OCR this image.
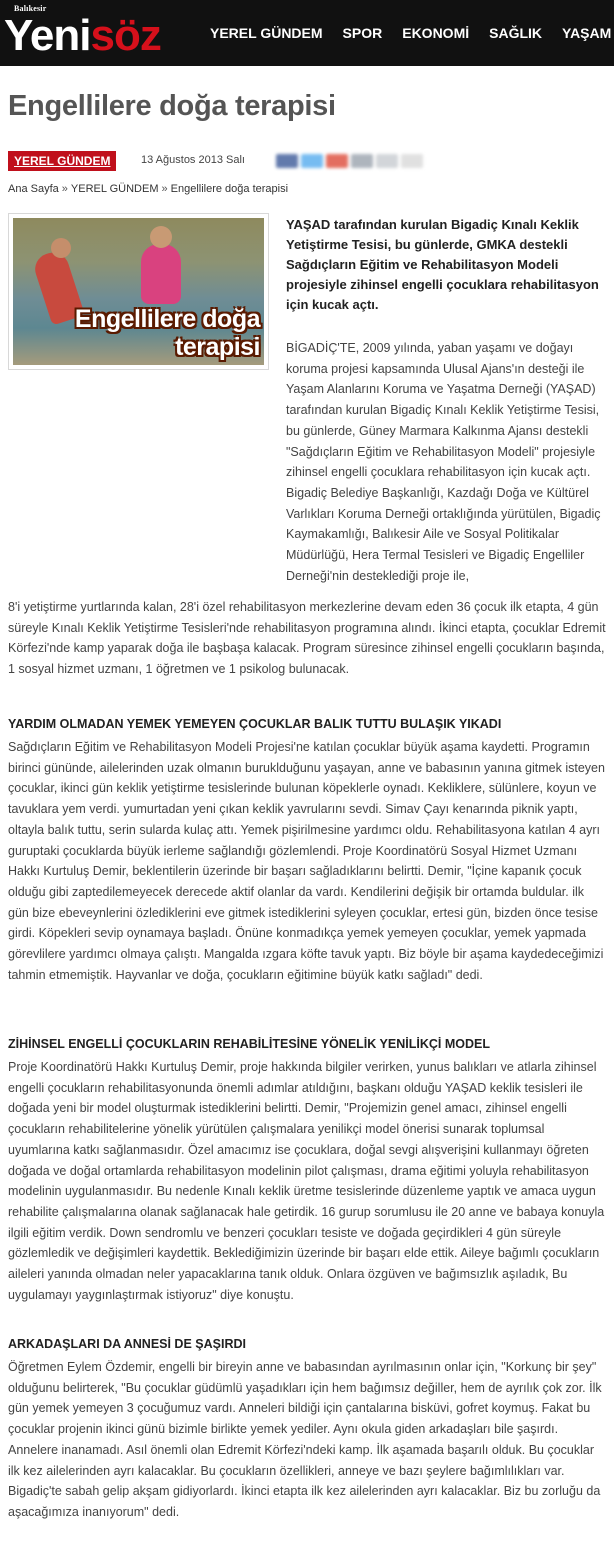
Balıkesir
Yenisöz	YEREL GÜNDEM SPOR EKONOMİ SAĞLIK YAŞAM
Engellilere doğa terapisi
YEREL GÜNDEM	13 Ağustos 2013 Salı
Ana Sayfa » YEREL GÜNDEM » Engellilere doğa terapisi
Engellilere doğa terapisi

YAŞAD tarafından kurulan Bigadiç Kınalı Keklik Yetiştirme Tesisi, bu günlerde, GMKA destekli Sağdıçların Eğitim ve Rehabilitasyon Modeli projesiyle zihinsel engelli çocuklara rehabilitasyon için kucak açtı.

BİGADİÇ'TE, 2009 yılında, yaban yaşamı ve doğayı koruma projesi kapsamında Ulusal Ajans'ın desteği ile Yaşam Alanlarını Koruma ve Yaşatma Derneği (YAŞAD) tarafından kurulan Bigadiç Kınalı Keklik Yetiştirme Tesisi, bu günlerde, Güney Marmara Kalkınma Ajansı destekli "Sağdıçların Eğitim ve Rehabilitasyon Modeli" projesiyle zihinsel engelli çocuklara rehabilitasyon için kucak açtı. Bigadiç Belediye Başkanlığı, Kazdağı Doğa ve Kültürel Varlıkları Koruma Derneği ortaklığında yürütülen, Bigadiç Kaymakamlığı, Balıkesir Aile ve Sosyal Politikalar Müdürlüğü, Hera Termal Tesisleri ve Bigadiç Engelliler Derneği'nin desteklediği proje ile,

8'i yetiştirme yurtlarında kalan, 28'i özel rehabilitasyon merkezlerine devam eden 36 çocuk ilk etapta, 4 gün süreyle Kınalı Keklik Yetiştirme Tesisleri'nde rehabilitasyon programına alındı. İkinci etapta, çocuklar Edremit Körfezi'nde kamp yaparak doğa ile başbaşa kalacak. Program süresince zihinsel engelli çocukların başında, 1 sosyal hizmet uzmanı, 1 öğretmen ve 1 psikolog bulunacak.

YARDIM OLMADAN YEMEK YEMEYEN ÇOCUKLAR BALIK TUTTU BULAŞIK YIKADI

Sağdıçların Eğitim ve Rehabilitasyon Modeli Projesi'ne katılan çocuklar büyük aşama kaydetti. Programın birinci gününde, ailelerinden uzak olmanın buruklduğunu yaşayan, anne ve babasının yanına gitmek isteyen çocuklar, ikinci gün keklik yetiştirme tesislerinde bulunan köpeklerle oynadı. Kekliklere, sülünlere, koyun ve tavuklara yem verdi. yumurtadan yeni çıkan keklik yavrularını sevdi. Simav Çayı kenarında piknik yaptı, oltayla balık tuttu, serin sularda kulaç attı. Yemek pişirilmesine yardımcı oldu. Rehabilitasyona katılan 4 ayrı guruptaki çocuklarda büyük ierleme sağlandığı gözlemlendi. Proje Koordinatörü Sosyal Hizmet Uzmanı Hakkı Kurtuluş Demir, beklentilerin üzerinde bir başarı sağladıklarını belirtti. Demir, "İçine kapanık çocuk olduğu gibi zaptedilemeyecek derecede aktif olanlar da vardı. Kendilerini değişik bir ortamda buldular. ilk gün bize ebeveynlerini özlediklerini eve gitmek istediklerini syleyen çocuklar, ertesi gün, bizden önce tesise girdi. Köpekleri sevip oynamaya başladı. Önüne konmadıkça yemek yemeyen çocuklar, yemek yapmada görevlilere yardımcı olmaya çalıştı. Mangalda ızgara köfte tavuk yaptı. Biz böyle bir aşama kaydedeceğimizi tahmin etmemiştik. Hayvanlar ve doğa, çocukların eğitimine büyük katkı sağladı" dedi.

ZİHİNSEL ENGELLİ ÇOCUKLARIN REHABİLİTESİNE YÖNELİK YENİLİKÇİ MODEL

Proje Koordinatörü Hakkı Kurtuluş Demir, proje hakkında bilgiler verirken, yunus balıkları ve atlarla zihinsel engelli çocukların rehabilitasyonunda önemli adımlar atıldığını, başkanı olduğu YAŞAD keklik tesisleri ile doğada yeni bir model oluşturmak istediklerini belirtti. Demir, "Projemizin genel amacı, zihinsel engelli çocukların rehabilitelerine yönelik yürütülen çalışmalara yenilikçi model önerisi sunarak toplumsal uyumlarına katkı sağlanmasıdır. Özel amacımız ise çocuklara, doğal sevgi alışverişini kullanmayı öğreten doğada ve doğal ortamlarda rehabilitasyon modelinin pilot çalışması, drama eğitimi yoluyla rehabilitasyon modelinin uygulanmasıdır. Bu nedenle Kınalı keklik üretme tesislerinde düzenleme yaptık ve amaca uygun rehabilite çalışmalarına olanak sağlanacak hale getirdik. 16 gurup sorumlusu ile 20 anne ve babaya konuyla ilgili eğitim verdik. Down sendromlu ve benzeri çocukları tesiste ve doğada geçirdikleri 4 gün süreyle gözlemledik ve değişimleri kaydettik. Beklediğimizin üzerinde bir başarı elde ettik. Aileye bağımlı çocukların aileleri yanında olmadan neler yapacaklarına tanık olduk. Onlara özgüven ve bağımsızlık aşıladık, Bu uygulamayı yaygınlaştırmak istiyoruz" diye konuştu.

ARKADAŞLARI DA ANNESİ DE ŞAŞIRDI

Öğretmen Eylem Özdemir, engelli bir bireyin anne ve babasından ayrılmasının onlar için, "Korkunç bir şey" olduğunu belirterek, "Bu çocuklar güdümlü yaşadıkları için hem bağımsız değiller, hem de ayrılık çok zor. İlk gün yemek yemeyen 3 çocuğumuz vardı. Anneleri bildiği için çantalarına bisküvi, gofret koymuş. Fakat bu çocuklar projenin ikinci günü bizimle birlikte yemek yediler. Aynı okula giden arkadaşları bile şaşırdı. Annelere inanamadı. Asıl önemli olan Edremit Körfezi'ndeki kamp. İlk aşamada başarılı olduk. Bu çocuklar ilk kez ailelerinden ayrı kalacaklar. Bu çocukların özellikleri, anneye ve bazı şeylere bağımlılıkları var. Bigadiç'te sabah gelip akşam gidiyorlardı. İkinci etapta ilk kez ailelerinden ayrı kalacaklar. Biz bu zorluğu da aşacağımıza inanıyorum" dedi.
